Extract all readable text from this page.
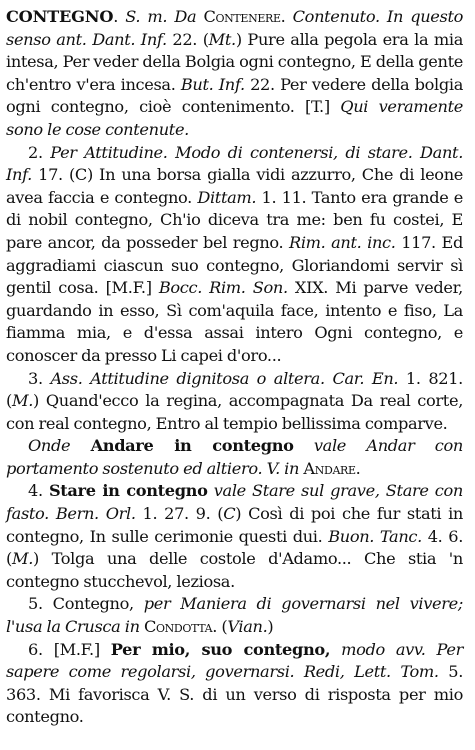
CONTEGNO. S. m. Da Contenere. Contenuto. In questo senso ant. Dant. Inf. 22. (Mt.) Pure alla pegola era la mia intesa, Per veder della Bolgia ogni contegno, E della gente ch'entro v'era incesa. But. Inf. 22. Per vedere della bolgia ogni contegno, cioè contenimento. [T.] Qui veramente sono le cose contenute.

2. Per Attitudine. Modo di contenersi, di stare. Dant. Inf. 17. (C) In una borsa gialla vidi azzurro, Che di leone avea faccia e contegno. Dittam. 1. 11. Tanto era grande e di nobil contegno, Ch'io diceva tra me: ben fu costei, E pare ancor, da posseder bel regno. Rim. ant. inc. 117. Ed aggradiami ciascun suo contegno, Gloriandomi servir sì gentil cosa. [M.F.] Bocc. Rim. Son. XIX. Mi parve veder, guardando in esso, Sì com'aquila face, intento e fiso, La fiamma mia, e d'essa assai intero Ogni contegno, e conoscer da presso Li capei d'oro...

3. Ass. Attitudine dignitosa o altera. Car. En. 1. 821. (M.) Quand'ecco la regina, accompagnata Da real corte, con real contegno, Entro al tempio bellissima comparve.

Onde Andare in contegno vale Andar con portamento sostenuto ed altiero. V. in Andare.

4. Stare in contegno vale Stare sul grave, Stare con fasto. Bern. Orl. 1. 27. 9. (C) Così di poi che fur stati in contegno, In sulle cerimonie questi dui. Buon. Tanc. 4. 6. (M.) Tolga una delle costole d'Adamo... Che stia 'n contegno stucchevol, leziosa.

5. Contegno, per Maniera di governarsi nel vivere; l'usa la Crusca in Condotta. (Vian.)

6. [M.F.] Per mio, suo contegno, modo avv. Per sapere come regolarsi, governarsi. Redi, Lett. Tom. 5. 363. Mi favorisca V. S. di un verso di risposta per mio contegno.
